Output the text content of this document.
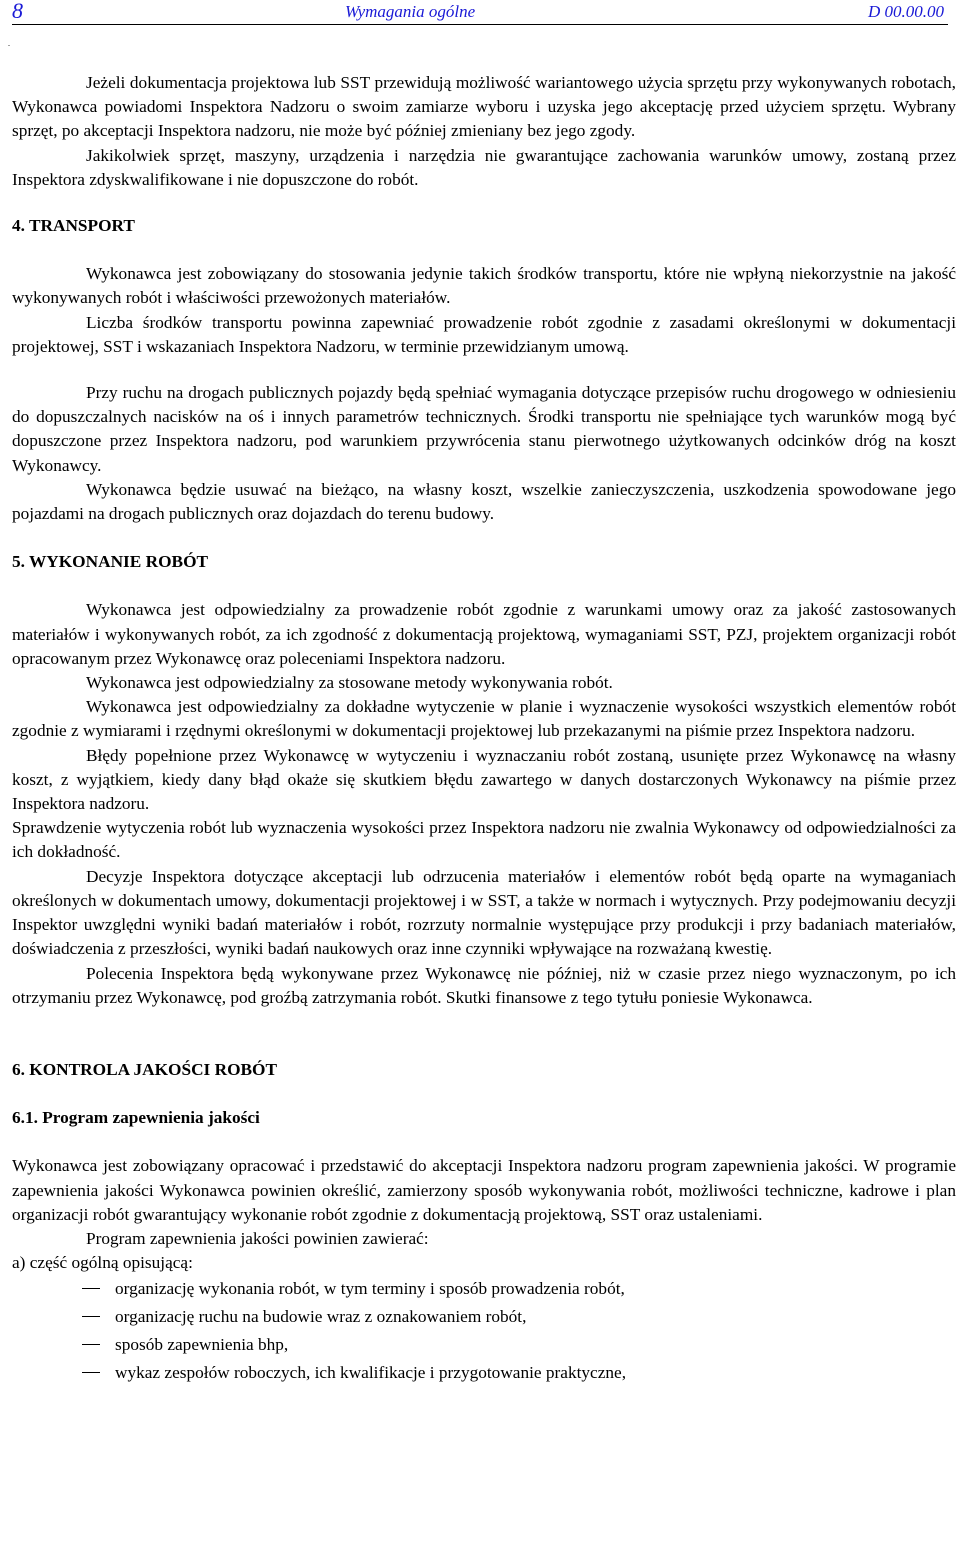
8	Wymagania ogólne	D 00.00.00
.

Jeżeli dokumentacja projektowa lub SST przewidują możliwość wariantowego użycia sprzętu przy wykonywanych robotach, Wykonawca powiadomi Inspektora Nadzoru o swoim zamiarze wyboru i uzyska jego akceptację przed użyciem sprzętu. Wybrany sprzęt, po akceptacji Inspektora nadzoru, nie może być później zmieniany bez jego zgody.

Jakikolwiek sprzęt, maszyny, urządzenia i narzędzia nie gwarantujące zachowania warunków umowy, zostaną przez Inspektora zdyskwalifikowane i nie dopuszczone do robót.

4. TRANSPORT

Wykonawca jest zobowiązany do stosowania jedynie takich środków transportu, które nie wpłyną niekorzystnie na jakość wykonywanych robót i właściwości przewożonych materiałów.

Liczba środków transportu powinna zapewniać prowadzenie robót zgodnie z zasadami określonymi w dokumentacji projektowej, SST i wskazaniach Inspektora Nadzoru, w terminie przewidzianym umową.

Przy ruchu na drogach publicznych pojazdy będą spełniać wymagania dotyczące przepisów ruchu drogowego w odniesieniu do dopuszczalnych nacisków na oś i innych parametrów technicznych. Środki transportu nie spełniające tych warunków mogą być dopuszczone przez Inspektora nadzoru, pod warunkiem przywrócenia stanu pierwotnego użytkowanych odcinków dróg na koszt Wykonawcy.

Wykonawca będzie usuwać na bieżąco, na własny koszt, wszelkie zanieczyszczenia, uszkodzenia spowodowane jego pojazdami na drogach publicznych oraz dojazdach do terenu budowy.

5. WYKONANIE ROBÓT

Wykonawca jest odpowiedzialny za prowadzenie robót zgodnie z warunkami umowy oraz za jakość zastosowanych materiałów i wykonywanych robót, za ich zgodność z dokumentacją projektową, wymaganiami SST, PZJ, projektem organizacji robót opracowanym przez Wykonawcę oraz poleceniami Inspektora nadzoru.

Wykonawca jest odpowiedzialny za stosowane metody wykonywania robót.

Wykonawca jest odpowiedzialny za dokładne wytyczenie w planie i wyznaczenie wysokości wszystkich elementów robót zgodnie z wymiarami i rzędnymi określonymi w dokumentacji projektowej lub przekazanymi na piśmie przez Inspektora nadzoru.

Błędy popełnione przez Wykonawcę w wytyczeniu i wyznaczaniu robót zostaną, usunięte przez Wykonawcę na własny koszt, z wyjątkiem, kiedy dany błąd okaże się skutkiem błędu zawartego w danych dostarczonych Wykonawcy na piśmie przez Inspektora nadzoru.

Sprawdzenie wytyczenia robót lub wyznaczenia wysokości przez Inspektora nadzoru nie zwalnia Wykonawcy od odpowiedzialności za ich dokładność.

Decyzje Inspektora dotyczące akceptacji lub odrzucenia materiałów i elementów robót będą oparte na wymaganiach określonych w dokumentach umowy, dokumentacji projektowej i w SST, a także w normach i wytycznych. Przy podejmowaniu decyzji Inspektor uwzględni wyniki badań materiałów i robót, rozrzuty normalnie występujące przy produkcji i przy badaniach materiałów, doświadczenia z przeszłości, wyniki badań naukowych oraz inne czynniki wpływające na rozważaną kwestię.

Polecenia Inspektora będą wykonywane przez Wykonawcę nie później, niż w czasie przez niego wyznaczonym, po ich otrzymaniu przez Wykonawcę, pod groźbą zatrzymania robót. Skutki finansowe z tego tytułu poniesie Wykonawca.

6. KONTROLA JAKOŚCI ROBÓT
6.1. Program zapewnienia jakości

Wykonawca jest zobowiązany opracować i przedstawić do akceptacji Inspektora nadzoru program zapewnienia jakości. W programie zapewnienia jakości Wykonawca powinien określić, zamierzony sposób wykonywania robót, możliwości techniczne, kadrowe i plan organizacji robót gwarantujący wykonanie robót zgodnie z dokumentacją projektową, SST oraz ustaleniami.

Program zapewnienia jakości powinien zawierać:

a) część ogólną opisującą:

organizację wykonania robót, w tym terminy i sposób prowadzenia robót,
organizację ruchu na budowie wraz z oznakowaniem robót,
sposób zapewnienia bhp,
wykaz zespołów roboczych, ich kwalifikacje i przygotowanie praktyczne,
